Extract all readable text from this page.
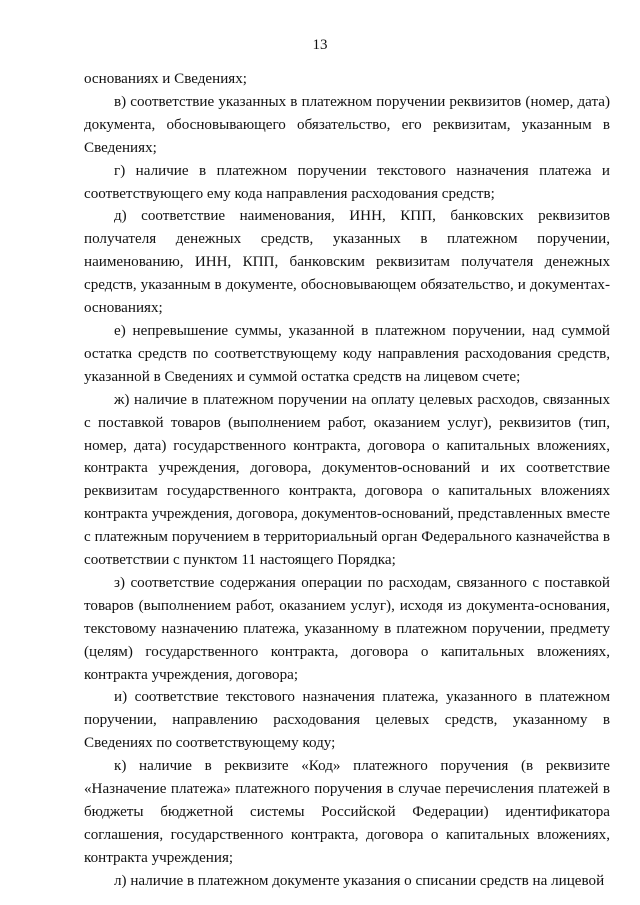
13

основаниях и Сведениях;

в) соответствие указанных в платежном поручении реквизитов (номер, дата) документа, обосновывающего обязательство, его реквизитам, указанным в Сведениях;

г) наличие в платежном поручении текстового назначения платежа и соответствующего ему кода направления расходования средств;

д) соответствие наименования, ИНН, КПП, банковских реквизитов получателя денежных средств, указанных в платежном поручении, наименованию, ИНН, КПП, банковским реквизитам получателя денежных средств, указанным в документе, обосновывающем обязательство, и документах-основаниях;

е) непревышение суммы, указанной в платежном поручении, над суммой остатка средств по соответствующему коду направления расходования средств, указанной в Сведениях и суммой остатка средств на лицевом счете;

ж) наличие в платежном поручении на оплату целевых расходов, связанных с поставкой товаров (выполнением работ, оказанием услуг), реквизитов (тип, номер, дата) государственного контракта, договора о капитальных вложениях, контракта учреждения, договора, документов-оснований и их соответствие реквизитам государственного контракта, договора о капитальных вложениях контракта учреждения, договора, документов-оснований, представленных вместе с платежным поручением в территориальный орган Федерального казначейства в соответствии с пунктом 11 настоящего Порядка;

з) соответствие содержания операции по расходам, связанного с поставкой товаров (выполнением работ, оказанием услуг), исходя из документа-основания, текстовому назначению платежа, указанному в платежном поручении, предмету (целям) государственного контракта, договора о капитальных вложениях, контракта учреждения, договора;

и) соответствие текстового назначения платежа, указанного в платежном поручении, направлению расходования целевых средств, указанному в Сведениях по соответствующему коду;

к) наличие в реквизите «Код» платежного поручения (в реквизите «Назначение платежа» платежного поручения в случае перечисления платежей в бюджеты бюджетной системы Российской Федерации) идентификатора соглашения, государственного контракта, договора о капитальных вложениях, контракта учреждения;

л) наличие в платежном документе указания о списании средств на лицевой
